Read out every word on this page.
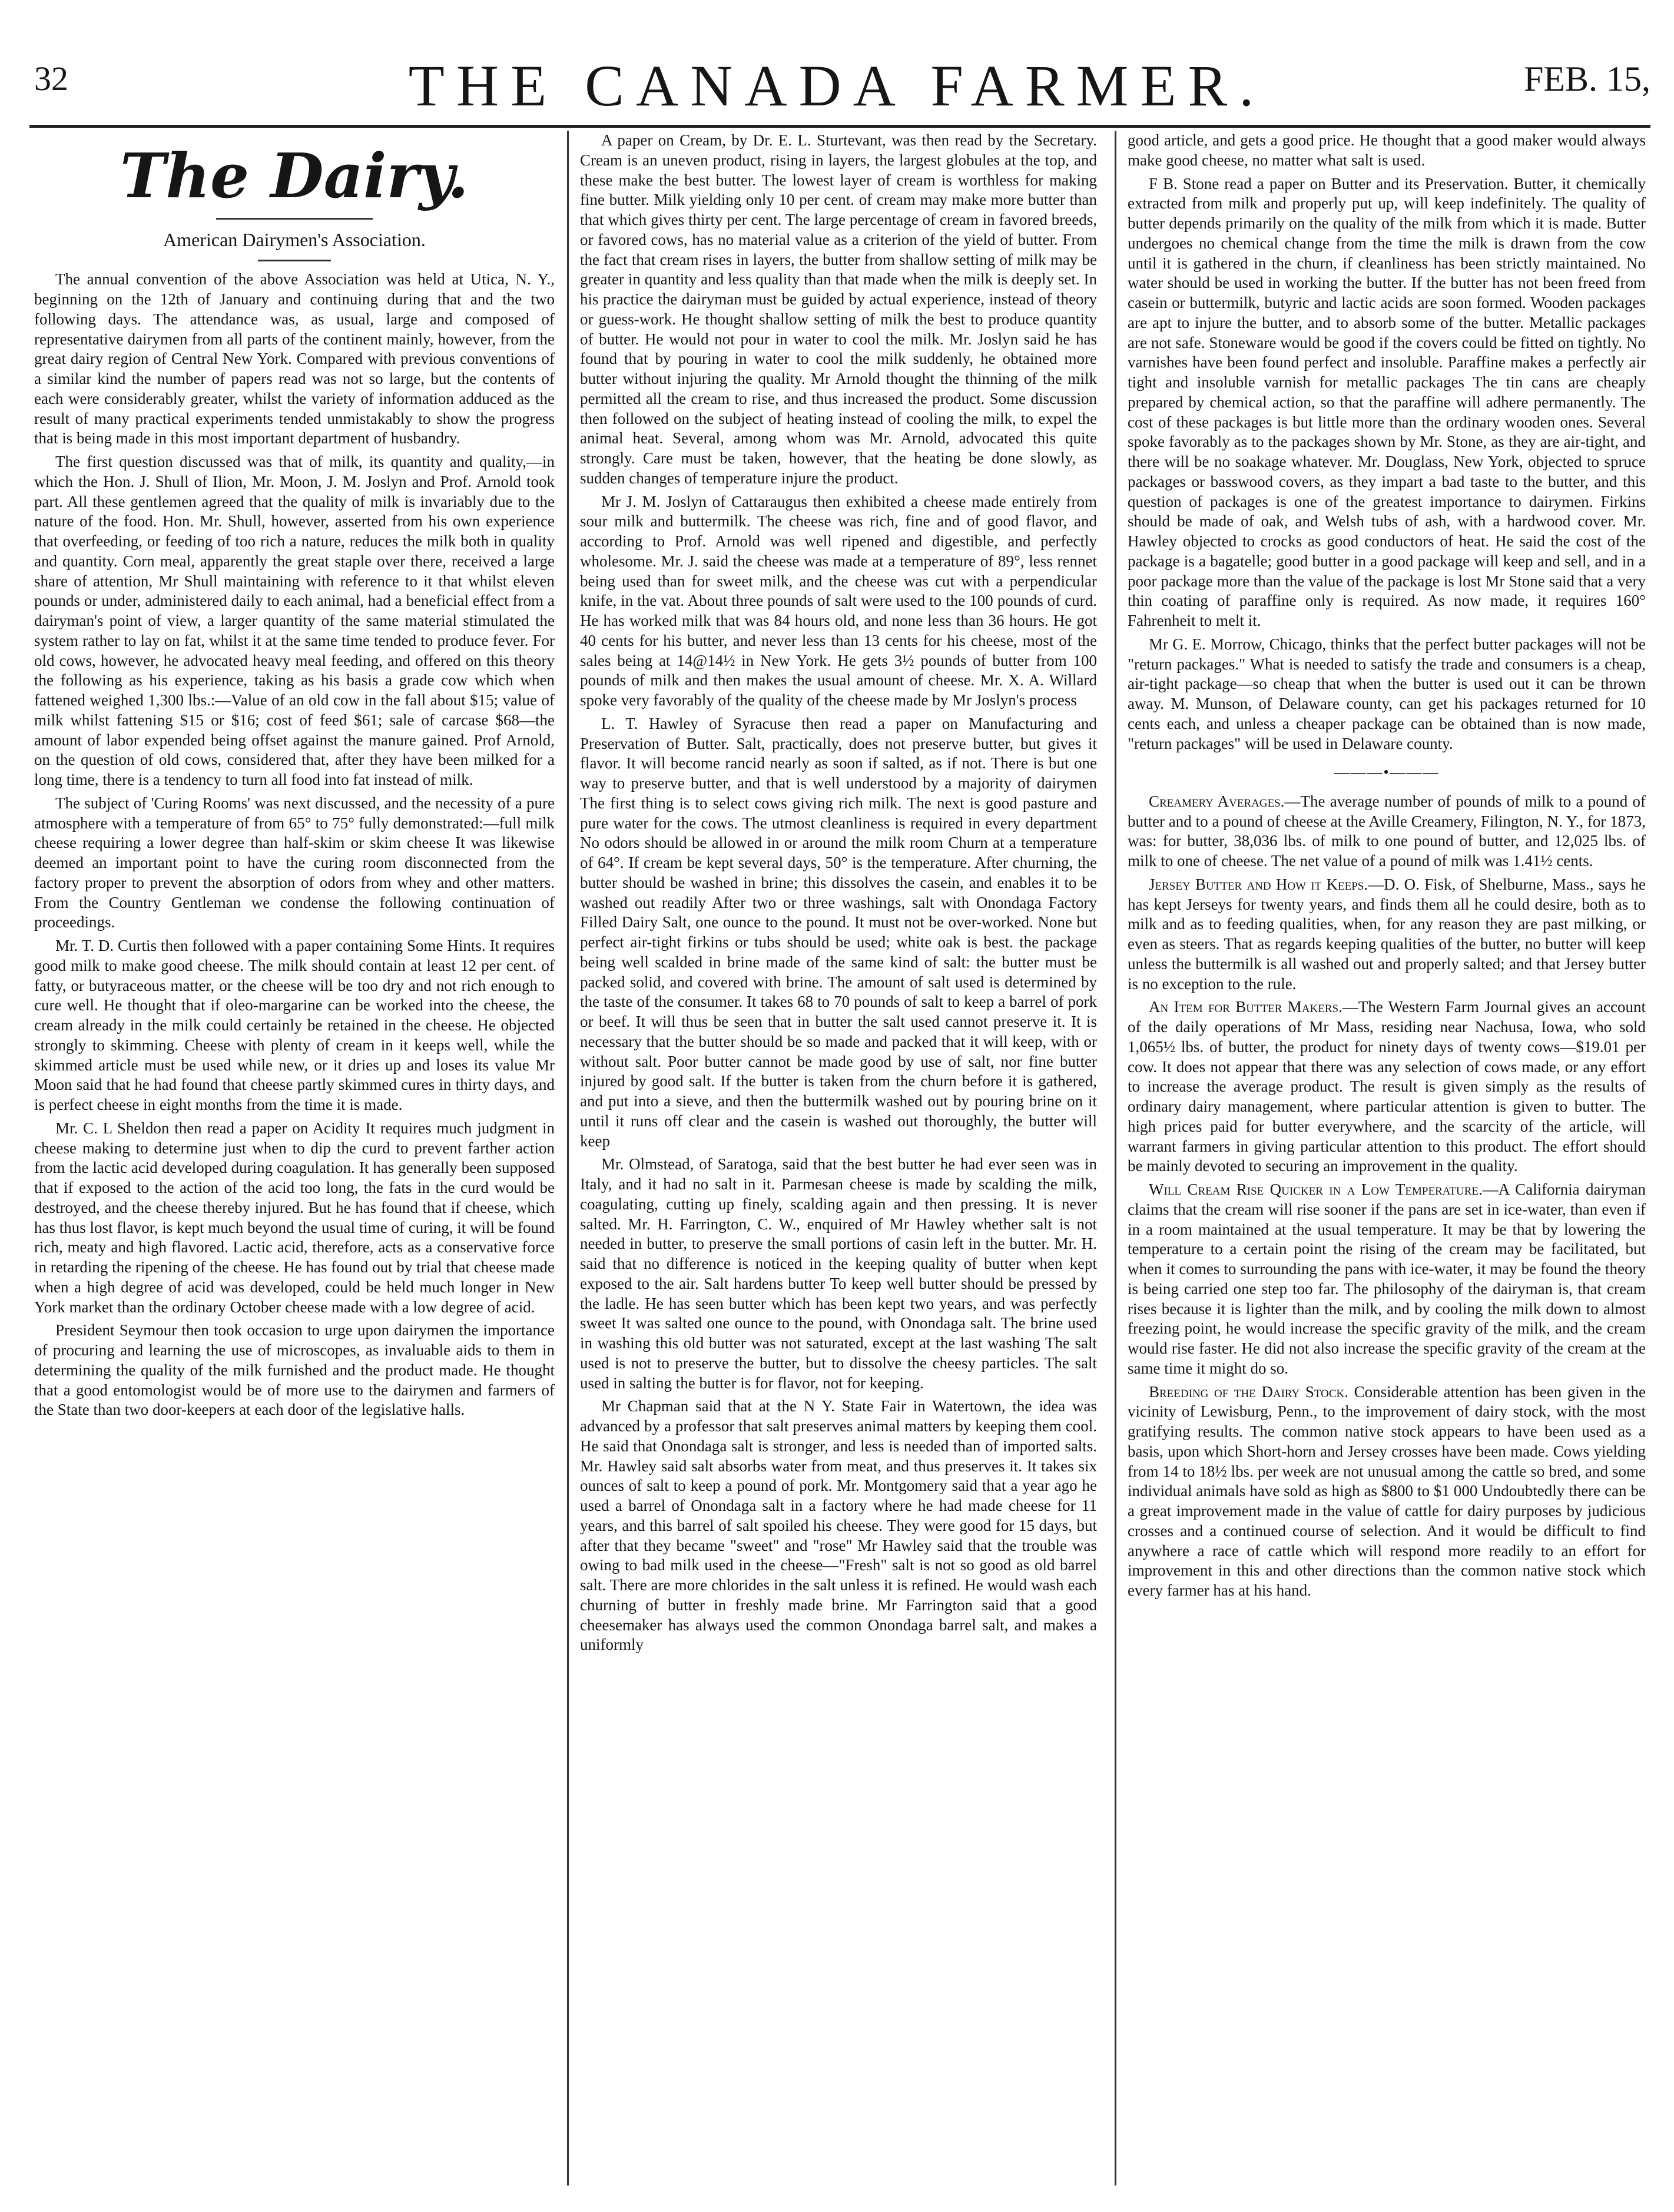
32	THE CANADA FARMER.	FEB. 15,
The Dairy.
American Dairymen's Association.

The annual convention of the above Association was held at Utica, N. Y., beginning on the 12th of January and continuing during that and the two following days. The attendance was, as usual, large and composed of representative dairymen from all parts of the continent mainly, however, from the great dairy region of Central New York. Compared with previous conventions of a similar kind the number of papers read was not so large, but the contents of each were considerably greater, whilst the variety of information adduced as the result of many practical experiments tended unmistakably to show the progress that is being made in this most important department of husbandry.

The first question discussed was that of milk, its quantity and quality,—in which the Hon. J. Shull of Ilion, Mr. Moon, J. M. Joslyn and Prof. Arnold took part. All these gentlemen agreed that the quality of milk is invariably due to the nature of the food. Hon. Mr. Shull, however, asserted from his own experience that overfeeding, or feeding of too rich a nature, reduces the milk both in quality and quantity. Corn meal, apparently the great staple over there, received a large share of attention, Mr Shull maintaining with reference to it that whilst eleven pounds or under, administered daily to each animal, had a beneficial effect from a dairyman's point of view, a larger quantity of the same material stimulated the system rather to lay on fat, whilst it at the same time tended to produce fever. For old cows, however, he advocated heavy meal feeding, and offered on this theory the following as his experience, taking as his basis a grade cow which when fattened weighed 1,300 lbs.:—Value of an old cow in the fall about $15; value of milk whilst fattening $15 or $16; cost of feed $61; sale of carcase $68—the amount of labor expended being offset against the manure gained. Prof Arnold, on the question of old cows, considered that, after they have been milked for a long time, there is a tendency to turn all food into fat instead of milk.

The subject of 'Curing Rooms' was next discussed, and the necessity of a pure atmosphere with a temperature of from 65° to 75° fully demonstrated:—full milk cheese requiring a lower degree than half-skim or skim cheese It was likewise deemed an important point to have the curing room disconnected from the factory proper to prevent the absorption of odors from whey and other matters. From the Country Gentleman we condense the following continuation of proceedings.

Mr. T. D. Curtis then followed with a paper containing Some Hints. It requires good milk to make good cheese. The milk should contain at least 12 per cent. of fatty, or butyraceous matter, or the cheese will be too dry and not rich enough to cure well. He thought that if oleo-margarine can be worked into the cheese, the cream already in the milk could certainly be retained in the cheese. He objected strongly to skimming. Cheese with plenty of cream in it keeps well, while the skimmed article must be used while new, or it dries up and loses its value Mr Moon said that he had found that cheese partly skimmed cures in thirty days, and is perfect cheese in eight months from the time it is made.

Mr. C. L Sheldon then read a paper on Acidity It requires much judgment in cheese making to determine just when to dip the curd to prevent farther action from the lactic acid developed during coagulation. It has generally been supposed that if exposed to the action of the acid too long, the fats in the curd would be destroyed, and the cheese thereby injured. But he has found that if cheese, which has thus lost flavor, is kept much beyond the usual time of curing, it will be found rich, meaty and high flavored. Lactic acid, therefore, acts as a conservative force in retarding the ripening of the cheese. He has found out by trial that cheese made when a high degree of acid was developed, could be held much longer in New York market than the ordinary October cheese made with a low degree of acid.

President Seymour then took occasion to urge upon dairymen the importance of procuring and learning the use of microscopes, as invaluable aids to them in determining the quality of the milk furnished and the product made. He thought that a good entomologist would be of more use to the dairymen and farmers of the State than two door-keepers at each door of the legislative halls.

A paper on Cream, by Dr. E. L. Sturtevant, was then read by the Secretary. Cream is an uneven product, rising in layers, the largest globules at the top, and these make the best butter. The lowest layer of cream is worthless for making fine butter. Milk yielding only 10 per cent. of cream may make more butter than that which gives thirty per cent. The large percentage of cream in favored breeds, or favored cows, has no material value as a criterion of the yield of butter. From the fact that cream rises in layers, the butter from shallow setting of milk may be greater in quantity and less quality than that made when the milk is deeply set. In his practice the dairyman must be guided by actual experience, instead of theory or guess-work. He thought shallow setting of milk the best to produce quantity of butter. He would not pour in water to cool the milk. Mr. Joslyn said he has found that by pouring in water to cool the milk suddenly, he obtained more butter without injuring the quality. Mr Arnold thought the thinning of the milk permitted all the cream to rise, and thus increased the product. Some discussion then followed on the subject of heating instead of cooling the milk, to expel the animal heat. Several, among whom was Mr. Arnold, advocated this quite strongly. Care must be taken, however, that the heating be done slowly, as sudden changes of temperature injure the product.

Mr J. M. Joslyn of Cattaraugus then exhibited a cheese made entirely from sour milk and buttermilk. The cheese was rich, fine and of good flavor, and according to Prof. Arnold was well ripened and digestible, and perfectly wholesome. Mr. J. said the cheese was made at a temperature of 89°, less rennet being used than for sweet milk, and the cheese was cut with a perpendicular knife, in the vat. About three pounds of salt were used to the 100 pounds of curd. He has worked milk that was 84 hours old, and none less than 36 hours. He got 40 cents for his butter, and never less than 13 cents for his cheese, most of the sales being at 14@14½ in New York. He gets 3½ pounds of butter from 100 pounds of milk and then makes the usual amount of cheese. Mr. X. A. Willard spoke very favorably of the quality of the cheese made by Mr Joslyn's process

L. T. Hawley of Syracuse then read a paper on Manufacturing and Preservation of Butter. Salt, practically, does not preserve butter, but gives it flavor. It will become rancid nearly as soon if salted, as if not. There is but one way to preserve butter, and that is well understood by a majority of dairymen The first thing is to select cows giving rich milk. The next is good pasture and pure water for the cows. The utmost cleanliness is required in every department No odors should be allowed in or around the milk room Churn at a temperature of 64°. If cream be kept several days, 50° is the temperature. After churning, the butter should be washed in brine; this dissolves the casein, and enables it to be washed out readily After two or three washings, salt with Onondaga Factory Filled Dairy Salt, one ounce to the pound. It must not be over-worked. None but perfect air-tight firkins or tubs should be used; white oak is best. the package being well scalded in brine made of the same kind of salt: the butter must be packed solid, and covered with brine. The amount of salt used is determined by the taste of the consumer. It takes 68 to 70 pounds of salt to keep a barrel of pork or beef. It will thus be seen that in butter the salt used cannot preserve it. It is necessary that the butter should be so made and packed that it will keep, with or without salt. Poor butter cannot be made good by use of salt, nor fine butter injured by good salt. If the butter is taken from the churn before it is gathered, and put into a sieve, and then the buttermilk washed out by pouring brine on it until it runs off clear and the casein is washed out thoroughly, the butter will keep

Mr. Olmstead, of Saratoga, said that the best butter he had ever seen was in Italy, and it had no salt in it. Parmesan cheese is made by scalding the milk, coagulating, cutting up finely, scalding again and then pressing. It is never salted. Mr. H. Farrington, C. W., enquired of Mr Hawley whether salt is not needed in butter, to preserve the small portions of casin left in the butter. Mr. H. said that no difference is noticed in the keeping quality of butter when kept exposed to the air. Salt hardens butter To keep well butter should be pressed by the ladle. He has seen butter which has been kept two years, and was perfectly sweet It was salted one ounce to the pound, with Onondaga salt. The brine used in washing this old butter was not saturated, except at the last washing The salt used is not to preserve the butter, but to dissolve the cheesy particles. The salt used in salting the butter is for flavor, not for keeping.

Mr Chapman said that at the N Y. State Fair in Watertown, the idea was advanced by a professor that salt preserves animal matters by keeping them cool. He said that Onondaga salt is stronger, and less is needed than of imported salts. Mr. Hawley said salt absorbs water from meat, and thus preserves it. It takes six ounces of salt to keep a pound of pork. Mr. Montgomery said that a year ago he used a barrel of Onondaga salt in a factory where he had made cheese for 11 years, and this barrel of salt spoiled his cheese. They were good for 15 days, but after that they became "sweet" and "rose" Mr Hawley said that the trouble was owing to bad milk used in the cheese—"Fresh" salt is not so good as old barrel salt. There are more chlorides in the salt unless it is refined. He would wash each churning of butter in freshly made brine. Mr Farrington said that a good cheesemaker has always used the common Onondaga barrel salt, and makes a uniformly

good article, and gets a good price. He thought that a good maker would always make good cheese, no matter what salt is used.

F B. Stone read a paper on Butter and its Preservation. Butter, it chemically extracted from milk and properly put up, will keep indefinitely. The quality of butter depends primarily on the quality of the milk from which it is made. Butter undergoes no chemical change from the time the milk is drawn from the cow until it is gathered in the churn, if cleanliness has been strictly maintained. No water should be used in working the butter. If the butter has not been freed from casein or buttermilk, butyric and lactic acids are soon formed. Wooden packages are apt to injure the butter, and to absorb some of the butter. Metallic packages are not safe. Stoneware would be good if the covers could be fitted on tightly. No varnishes have been found perfect and insoluble. Paraffine makes a perfectly air tight and insoluble varnish for metallic packages The tin cans are cheaply prepared by chemical action, so that the paraffine will adhere permanently. The cost of these packages is but little more than the ordinary wooden ones. Several spoke favorably as to the packages shown by Mr. Stone, as they are air-tight, and there will be no soakage whatever. Mr. Douglass, New York, objected to spruce packages or basswood covers, as they impart a bad taste to the butter, and this question of packages is one of the greatest importance to dairymen. Firkins should be made of oak, and Welsh tubs of ash, with a hardwood cover. Mr. Hawley objected to crocks as good conductors of heat. He said the cost of the package is a bagatelle; good butter in a good package will keep and sell, and in a poor package more than the value of the package is lost Mr Stone said that a very thin coating of paraffine only is required. As now made, it requires 160° Fahrenheit to melt it.

Mr G. E. Morrow, Chicago, thinks that the perfect butter packages will not be "return packages." What is needed to satisfy the trade and consumers is a cheap, air-tight package—so cheap that when the butter is used out it can be thrown away. M. Munson, of Delaware county, can get his packages returned for 10 cents each, and unless a cheaper package can be obtained than is now made, "return packages" will be used in Delaware county.

———•———

Creamery Averages.—The average number of pounds of milk to a pound of butter and to a pound of cheese at the Aville Creamery, Filington, N. Y., for 1873, was: for butter, 38,036 lbs. of milk to one pound of butter, and 12,025 lbs. of milk to one of cheese. The net value of a pound of milk was 1.41½ cents.

Jersey Butter and How it Keeps.—D. O. Fisk, of Shelburne, Mass., says he has kept Jerseys for twenty years, and finds them all he could desire, both as to milk and as to feeding qualities, when, for any reason they are past milking, or even as steers. That as regards keeping qualities of the butter, no butter will keep unless the buttermilk is all washed out and properly salted; and that Jersey butter is no exception to the rule.

An Item for Butter Makers.—The Western Farm Journal gives an account of the daily operations of Mr Mass, residing near Nachusa, Iowa, who sold 1,065½ lbs. of butter, the product for ninety days of twenty cows—$19.01 per cow. It does not appear that there was any selection of cows made, or any effort to increase the average product. The result is given simply as the results of ordinary dairy management, where particular attention is given to butter. The high prices paid for butter everywhere, and the scarcity of the article, will warrant farmers in giving particular attention to this product. The effort should be mainly devoted to securing an improvement in the quality.

Will Cream Rise Quicker in a Low Temperature.—A California dairyman claims that the cream will rise sooner if the pans are set in ice-water, than even if in a room maintained at the usual temperature. It may be that by lowering the temperature to a certain point the rising of the cream may be facilitated, but when it comes to surrounding the pans with ice-water, it may be found the theory is being carried one step too far. The philosophy of the dairyman is, that cream rises because it is lighter than the milk, and by cooling the milk down to almost freezing point, he would increase the specific gravity of the milk, and the cream would rise faster. He did not also increase the specific gravity of the cream at the same time it might do so.

Breeding of the Dairy Stock. Considerable attention has been given in the vicinity of Lewisburg, Penn., to the improvement of dairy stock, with the most gratifying results. The common native stock appears to have been used as a basis, upon which Short-horn and Jersey crosses have been made. Cows yielding from 14 to 18½ lbs. per week are not unusual among the cattle so bred, and some individual animals have sold as high as $800 to $1 000 Undoubtedly there can be a great improvement made in the value of cattle for dairy purposes by judicious crosses and a continued course of selection. And it would be difficult to find anywhere a race of cattle which will respond more readily to an effort for improvement in this and other directions than the common native stock which every farmer has at his hand.
